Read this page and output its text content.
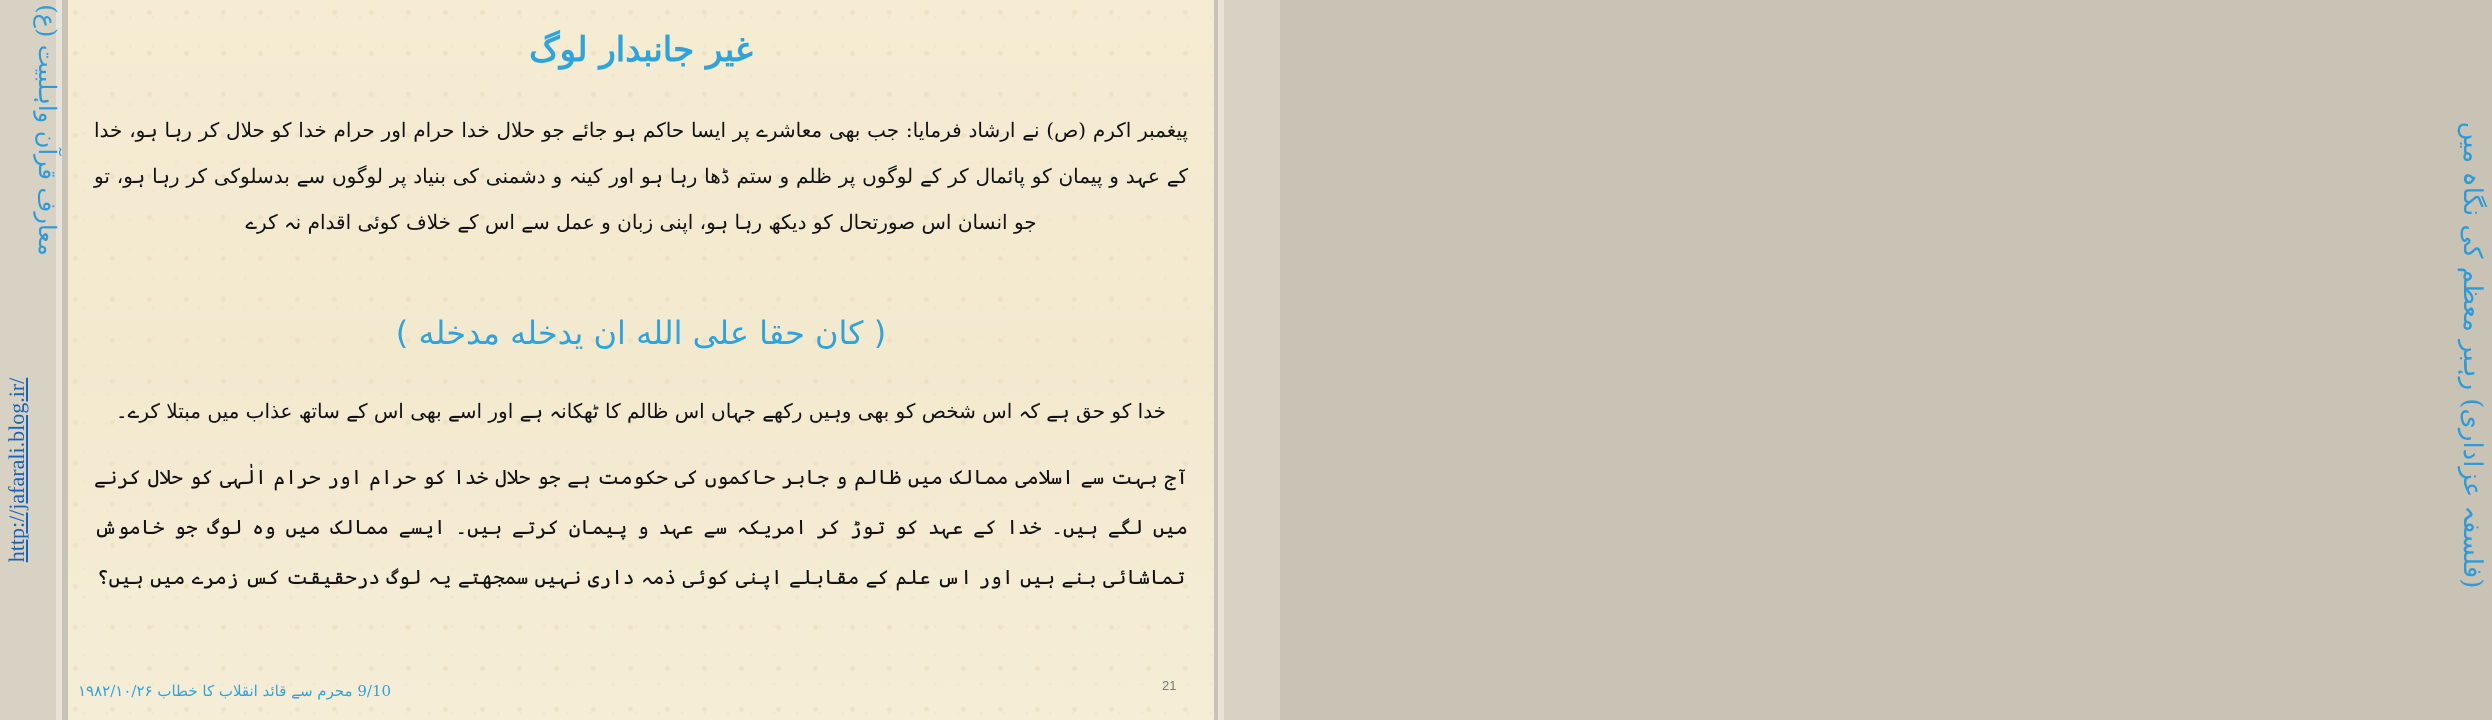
http://jafarali.blog.ir/
معارف قرآن واہلبیت (ع)	غیر جانبدار لوگ
پیغمبر اکرم (ص) نے ارشاد فرمایا: جب بھی معاشرے پر ایسا حاکم ہو جائے جو حلال خدا حرام اور حرام خدا کو حلال کر رہا ہو، خدا کے عہد و پیمان کو پائمال کر کے لوگوں پر ظلم و ستم ڈھا رہا ہو اور کینہ و دشمنی کی بنیاد پر لوگوں سے بدسلوکی کر رہا ہو، تو جو انسان اس صورتحال کو دیکھ رہا ہو، اپنی زبان و عمل سے اس کے خلاف کوئی اقدام نہ کرے
( كان حقا على الله ان يدخله مدخله )
خدا کو حق ہے کہ اس شخص کو بھی وہیں رکھے جہاں اس ظالم کا ٹھکانہ ہے اور اسے بھی اس کے ساتھ عذاب میں مبتلا کرے۔
آج بہت سے اسلامی ممالک میں ظالم و جابر حاکموں کی حکومت ہے جو حلال خدا کو حرام اور حرام الٰہی کو حلال کرنے میں لگے ہیں۔ خدا کے عہد کو توڑ کر امریکہ سے عہد و پیمان کرتے ہیں۔ ایسے ممالک میں وہ لوگ جو خاموش تماشائی بنے ہیں اور اس علم کے مقابلے اپنی کوئی ذمہ داری نہیں سمجھتے یہ لوگ درحقیقت کس زمرے میں ہیں؟
9/10 محرم سے قائد انقلاب کا خطاب ۱۹۸۲/۱۰/۲۶	21
(فلسفہ عزاداری) رہبر معظم کی نگاہ میں
